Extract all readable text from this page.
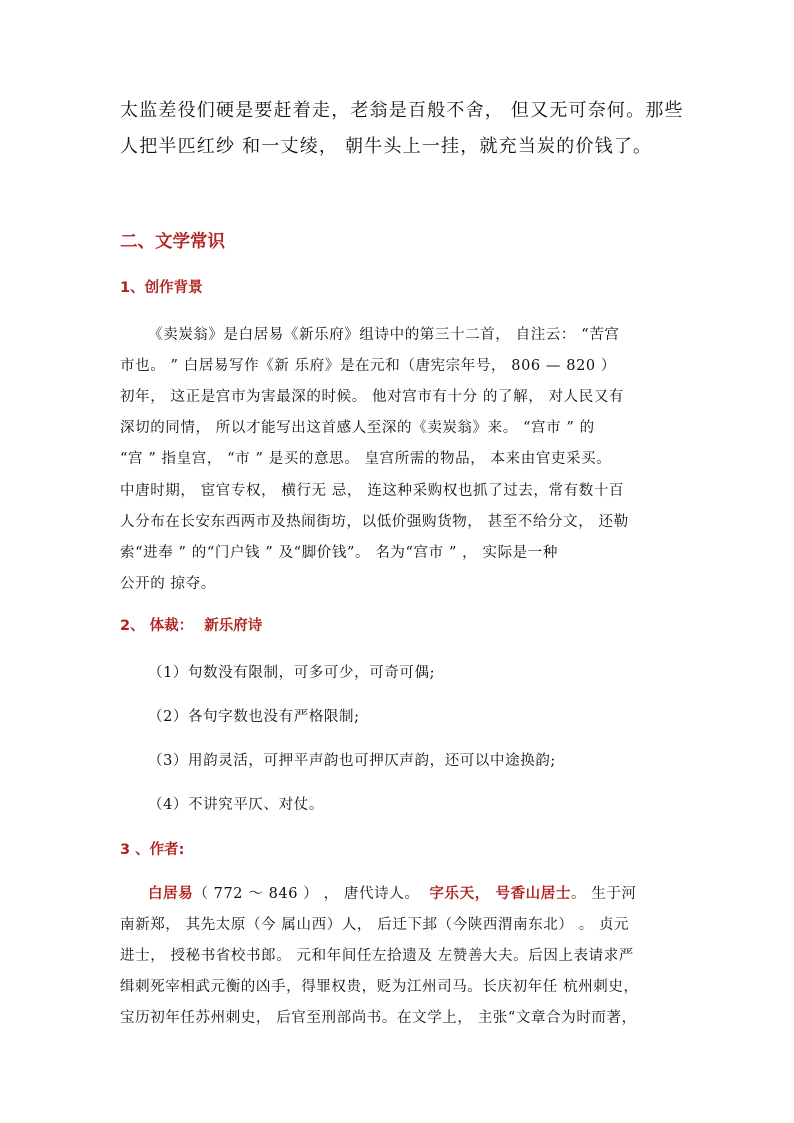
太监差役们硬是要赶着走，老翁是百般不舍， 但又无可奈何。那些
人把半匹红纱 和一丈绫， 朝牛头上一挂，就充当炭的价钱了。
二、文学常识
1、创作背景
《卖炭翁》是白居易《新乐府》组诗中的第三十二首， 自注云： “苦宫
市也。 ” 白居易写作《新 乐府》是在元和（唐宪宗年号， 806 — 820 ）
初年， 这正是宫市为害最深的时候。 他对宫市有十分 的了解， 对人民又有
深切的同情， 所以才能写出这首感人至深的《卖炭翁》来。 “宫市 ” 的
“宫 ” 指皇宫， “市 ” 是买的意思。 皇宫所需的物品， 本来由官吏采买。
中唐时期， 宦官专权， 横行无 忌， 连这种采购权也抓了过去，常有数十百
人分布在长安东西两市及热闹街坊，以低价强购货物， 甚至不给分文， 还勒
索“进奉 ” 的“门户钱 ” 及“脚价钱”。 名为“宫市 ” ， 实际是一种
公开的 掠夺。
2、 体裁： 新乐府诗
（1）句数没有限制，可多可少，可奇可偶;
（2）各句字数也没有严格限制;
（3）用韵灵活，可押平声韵也可押仄声韵，还可以中途换韵;
（4）不讲究平仄、对仗。
3 、作者:
白居易（ 772 ～ 846 ） ， 唐代诗人。 字乐天， 号香山居士。 生于河
南新郑， 其先太原（今 属山西）人， 后迁下邽（今陕西渭南东北） 。 贞元
进士， 授秘书省校书郎。 元和年间任左拾遗及 左赞善大夫。后因上表请求严
缉刺死宰相武元衡的凶手，得罪权贵，贬为江州司马。长庆初年任 杭州刺史，
宝历初年任苏州刺史， 后官至刑部尚书。在文学上， 主张“文章合为时而著，
